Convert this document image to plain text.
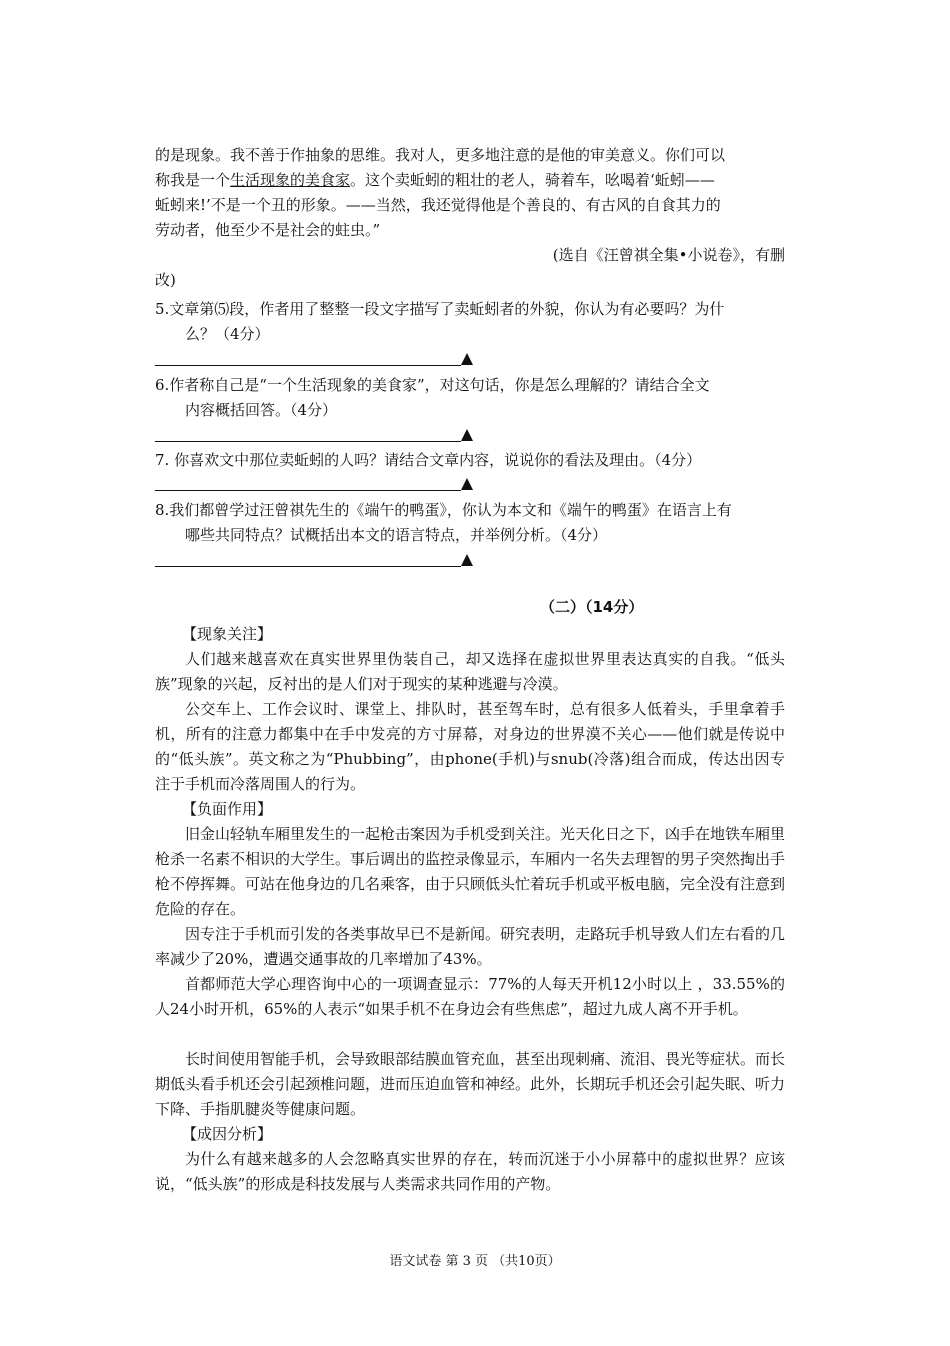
的是现象。我不善于作抽象的思维。我对人，更多地注意的是他的审美意义。你们可以
称我是一个生活现象的美食家。这个卖蚯蚓的粗壮的老人，骑着车，吆喝着‘蚯蚓——
蚯蚓来!’不是一个丑的形象。——当然，我还觉得他是个善良的、有古风的自食其力的
劳动者，他至少不是社会的蛀虫。”
(选自《汪曾祺全集•小说卷》，有删
改)
5.文章第⑸段，作者用了整整一段文字描写了卖蚯蚓者的外貌，你认为有必要吗？为什
么？（4分）
6.作者称自己是“一个生活现象的美食家”，对这句话，你是怎么理解的？请结合全文
内容概括回答。（4分）
7. 你喜欢文中那位卖蚯蚓的人吗？请结合文章内容，说说你的看法及理由。（4分）
8.我们都曾学过汪曾祺先生的《端午的鸭蛋》，你认为本文和《端午的鸭蛋》在语言上有
哪些共同特点？试概括出本文的语言特点，并举例分析。（4分）
（二）（14分）
【现象关注】
人们越来越喜欢在真实世界里伪装自己，却又选择在虚拟世界里表达真实的自我。“低头族”现象的兴起，反衬出的是人们对于现实的某种逃避与冷漠。
公交车上、工作会议时、课堂上、排队时，甚至驾车时，总有很多人低着头，手里拿着手机，所有的注意力都集中在手中发亮的方寸屏幕，对身边的世界漠不关心——他们就是传说中的“低头族”。英文称之为“Phubbing”，由phone(手机)与snub(冷落)组合而成，传达出因专注于手机而冷落周围人的行为。
【负面作用】
旧金山轻轨车厢里发生的一起枪击案因为手机受到关注。光天化日之下，凶手在地铁车厢里枪杀一名素不相识的大学生。事后调出的监控录像显示，车厢内一名失去理智的男子突然掏出手枪不停挥舞。可站在他身边的几名乘客，由于只顾低头忙着玩手机或平板电脑，完全没有注意到危险的存在。
因专注于手机而引发的各类事故早已不是新闻。研究表明，走路玩手机导致人们左右看的几率减少了20%，遭遇交通事故的几率增加了43%。
首都师范大学心理咨询中心的一项调查显示：77%的人每天开机12小时以上 ，33.55%的人24小时开机，65%的人表示“如果手机不在身边会有些焦虑”，超过九成人离不开手机。
长时间使用智能手机，会导致眼部结膜血管充血，甚至出现刺痛、流泪、畏光等症状。而长期低头看手机还会引起颈椎问题，进而压迫血管和神经。此外，长期玩手机还会引起失眠、听力下降、手指肌腱炎等健康问题。
【成因分析】
为什么有越来越多的人会忽略真实世界的存在，转而沉迷于小小屏幕中的虚拟世界？应该说，“低头族”的形成是科技发展与人类需求共同作用的产物。
语文试卷 第 3 页 （共10页）
